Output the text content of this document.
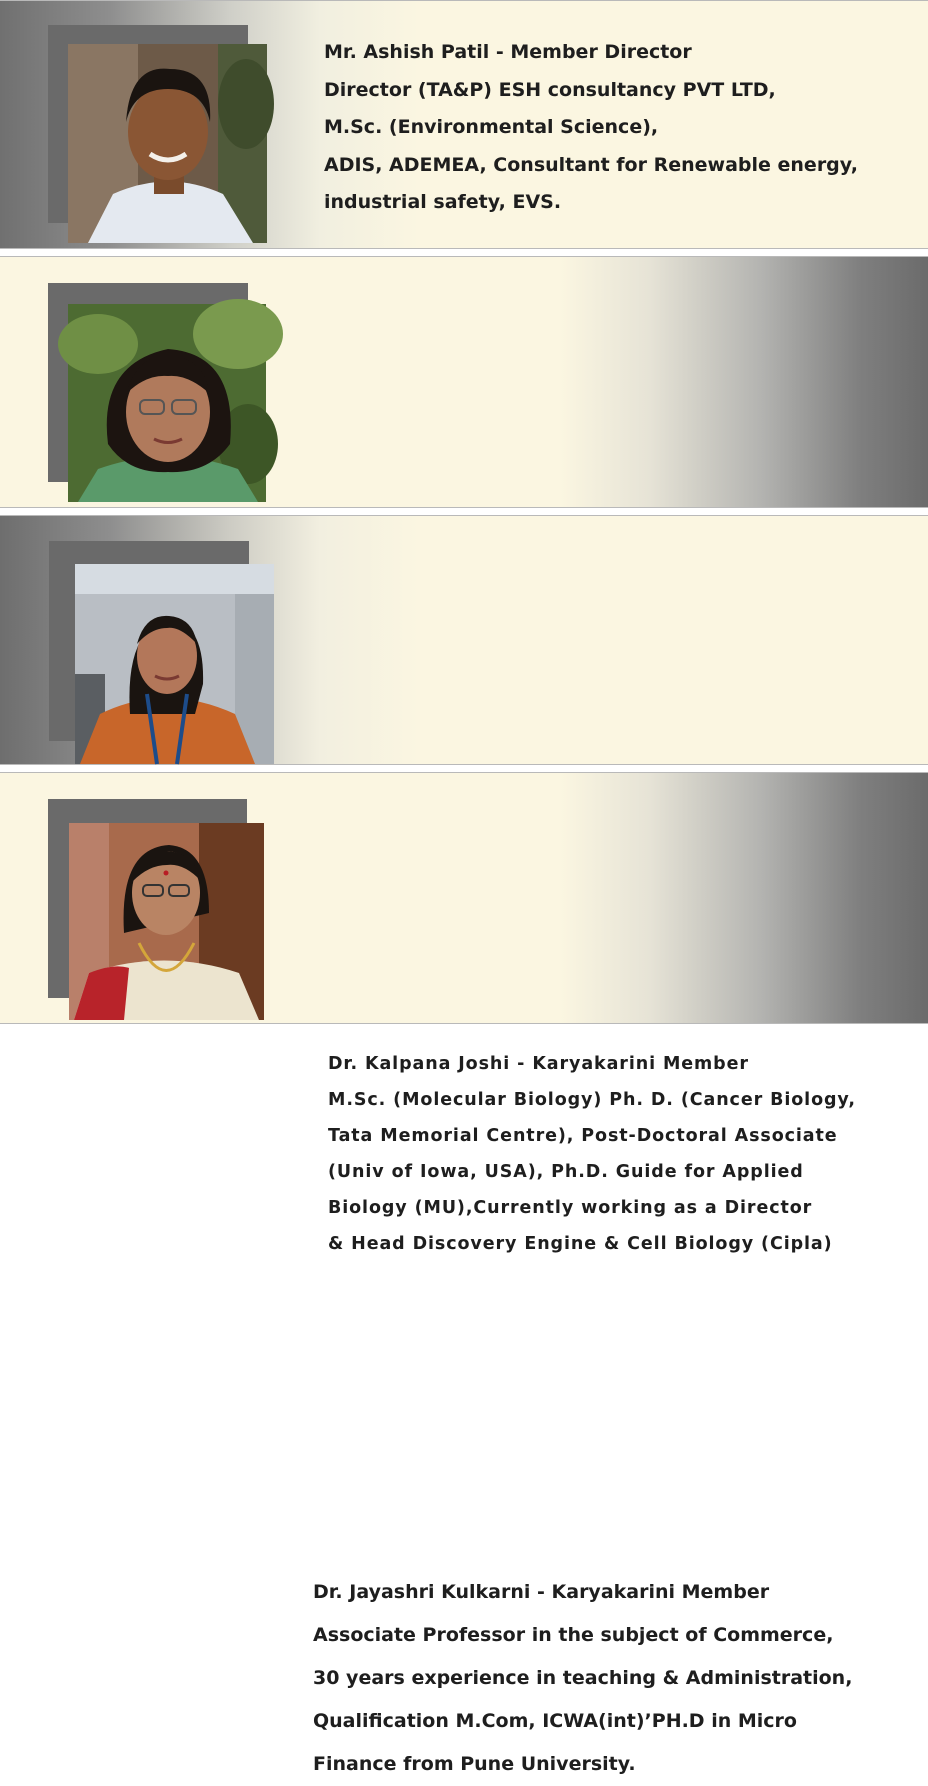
Mr. Ashish Patil - Member Director
Director (TA&P) ESH consultancy PVT LTD,
M.Sc. (Environmental Science),
ADIS, ADEMEA, Consultant for Renewable energy,
industrial safety, EVS.
Dr. Kalpana Joshi - Karyakarini Member
M.Sc. (Molecular Biology) Ph. D. (Cancer Biology,
Tata Memorial Centre), Post-Doctoral Associate
(Univ of Iowa, USA), Ph.D. Guide for Applied
Biology (MU),Currently working as a Director
& Head Discovery Engine & Cell Biology (Cipla)
Dr. Jayashri Kulkarni - Karyakarini Member
Associate Professor in the subject of Commerce,
30 years experience in teaching & Administration,
Qualification M.Com, ICWA(int)’PH.D in Micro
Finance from Pune University.
